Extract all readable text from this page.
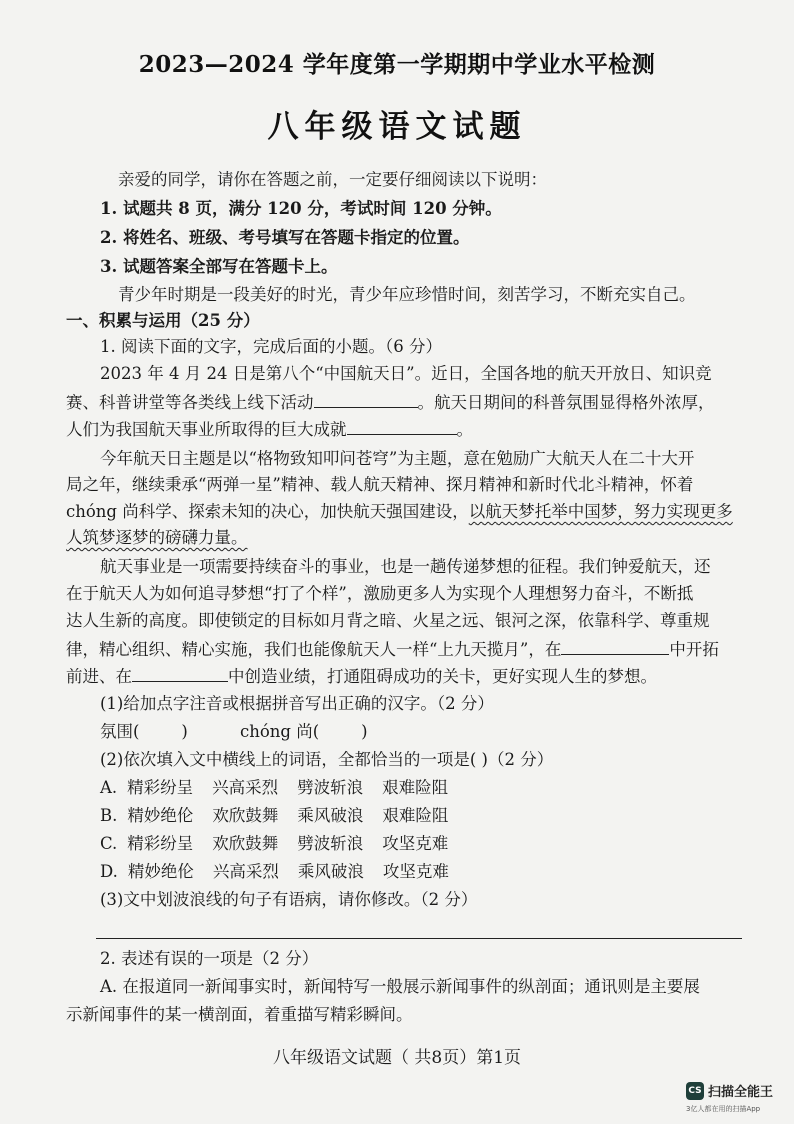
2023—2024 学年度第一学期期中学业水平检测
八年级语文试题
亲爱的同学，请你在答题之前，一定要仔细阅读以下说明：
1. 试题共 8 页，满分 120 分，考试时间 120 分钟。
2. 将姓名、班级、考号填写在答题卡指定的位置。
3. 试题答案全部写在答题卡上。
青少年时期是一段美好的时光，青少年应珍惜时间，刻苦学习，不断充实自己。
一、积累与运用（25 分）
1. 阅读下面的文字，完成后面的小题。（6 分）
2023 年 4 月 24 日是第八个“中国航天日”。近日，全国各地的航天开放日、知识竞
赛、科普讲堂等各类线上线下活动	。航天日期间的科普氛围显得格外浓厚，
人们为我国航天事业所取得的巨大成就	。
今年航天日主题是以“格物致知叩问苍穹”为主题，意在勉励广大航天人在二十大开
局之年，继续秉承“两弹一星”精神、载人航天精神、探月精神和新时代北斗精神，怀着
chóng 尚科学、探索未知的决心，加快航天强国建设，以航天梦托举中国梦，努力实现更多
人筑梦逐梦的磅礴力量。
航天事业是一项需要持续奋斗的事业，也是一趟传递梦想的征程。我们钟爱航天，还
在于航天人为如何追寻梦想“打了个样”，激励更多人为实现个人理想努力奋斗，不断抵
达人生新的高度。即使锁定的目标如月背之暗、火星之远、银河之深，依靠科学、尊重规
律，精心组织、精心实施，我们也能像航天人一样“上九天揽月”，在	中开拓
前进、在	中创造业绩，打通阻碍成功的关卡，更好实现人生的梦想。
(1)给加点字注音或根据拼音写出正确的汉字。（2 分）
氛围(        )	chóng 尚(        )
(2)依次填入文中横线上的词语，全都恰当的一项是( )（2 分）
A. 精彩纷呈 兴高采烈 劈波斩浪 艰难险阻
B. 精妙绝伦 欢欣鼓舞 乘风破浪 艰难险阻
C. 精彩纷呈 欢欣鼓舞 劈波斩浪 攻坚克难
D. 精妙绝伦 兴高采烈 乘风破浪 攻坚克难
(3)文中划波浪线的句子有语病，请你修改。（2 分）
2. 表述有误的一项是（2 分）
A. 在报道同一新闻事实时，新闻特写一般展示新闻事件的纵剖面；通讯则是主要展
示新闻事件的某一横剖面，着重描写精彩瞬间。
八年级语文试题（ 共8页）第1页
CS 扫描全能王
3亿人都在用的扫描App
